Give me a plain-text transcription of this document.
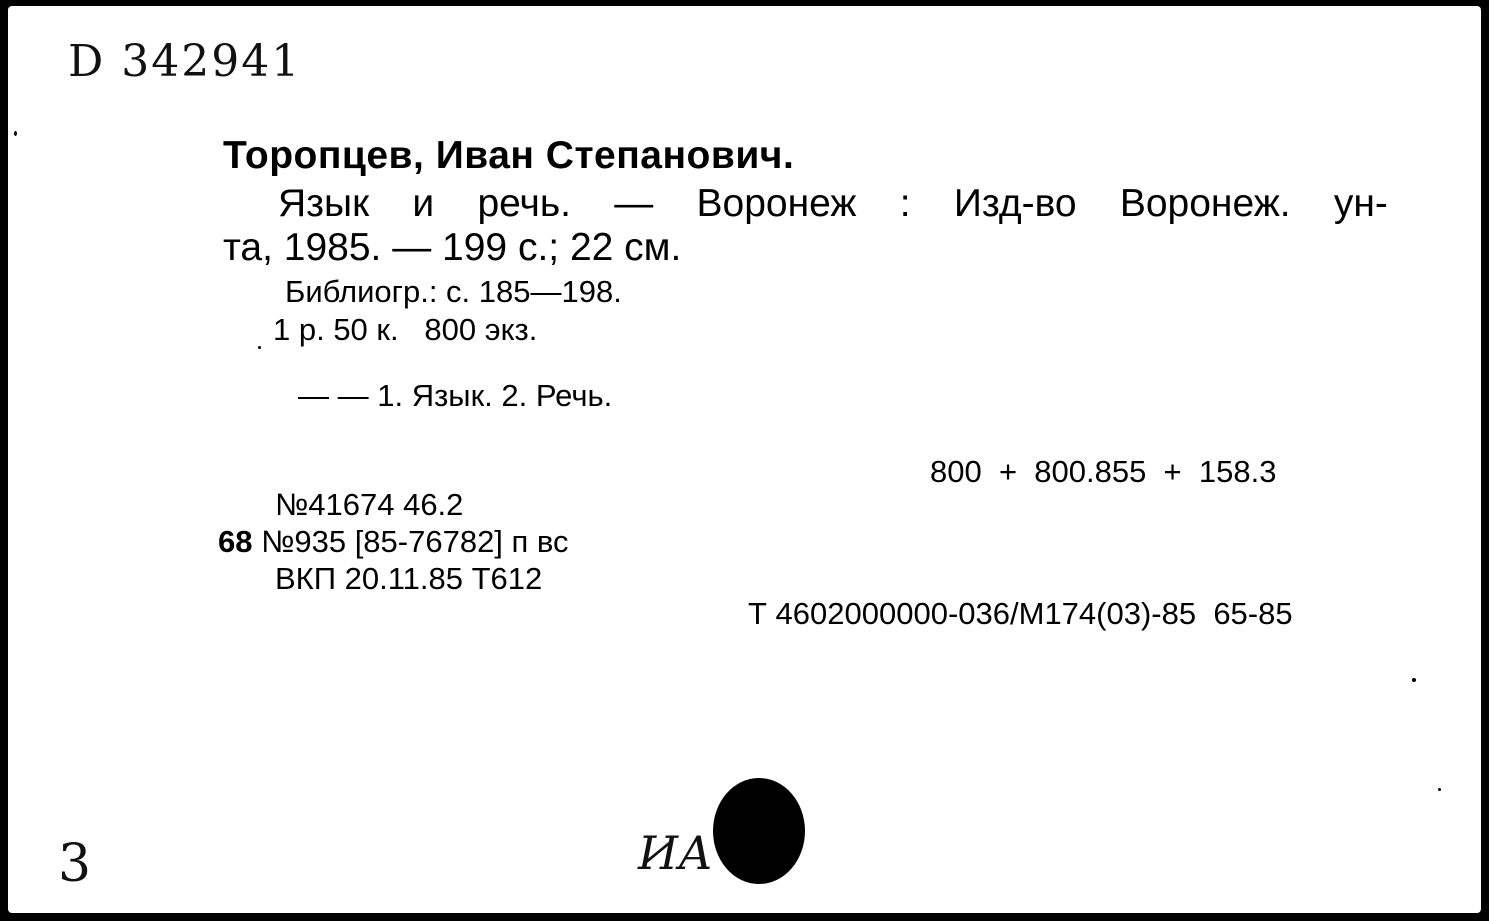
D 342941
Торопцев, Иван Степанович.
Язык и речь. — Воронеж : Изд-во Воронеж. ун-
та, 1985. — 199 с.; 22 см.
Библиогр.: с. 185—198.
1 р. 50 к.   800 экз.
— — 1. Язык. 2. Речь.
800  +  800.855  +  158.3
№41674 46.2
68 №935 [85-76782] п вс
ВКП 20.11.85 Т612
Т 4602000000-036/М174(03)-85  65-85
3	ИА
